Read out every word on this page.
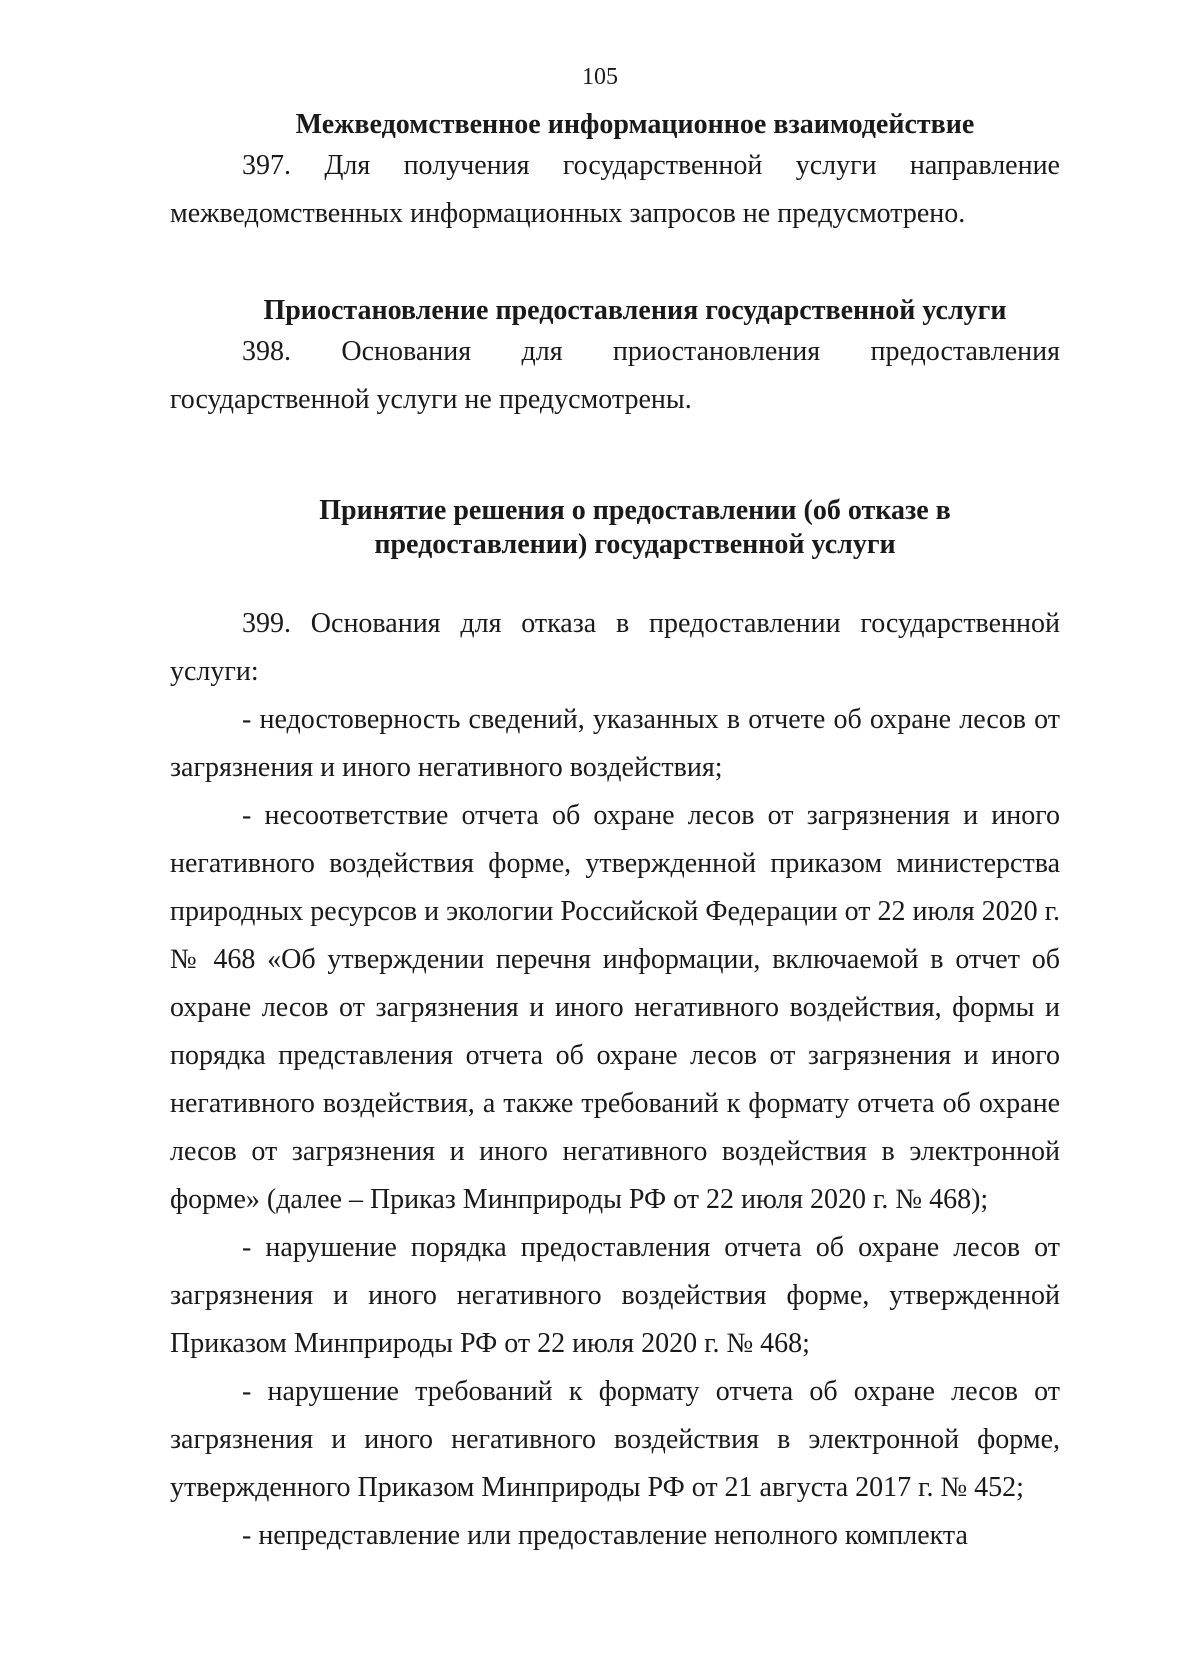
105
Межведомственное информационное взаимодействие

397. Для получения государственной услуги направление межведомственных информационных запросов не предусмотрено.

Приостановление предоставления государственной услуги

398. Основания для приостановления предоставления государственной услуги не предусмотрены.

Принятие решения о предоставлении (об отказе в
предоставлении) государственной услуги

399. Основания для отказа в предоставлении государственной услуги:

- недостоверность сведений, указанных в отчете об охране лесов от загрязнения и иного негативного воздействия;

- несоответствие отчета об охране лесов от загрязнения и иного негативного воздействия форме, утвержденной приказом министерства природных ресурсов и экологии Российской Федерации от 22 июля 2020 г. № 468 «Об утверждении перечня информации, включаемой в отчет об охране лесов от загрязнения и иного негативного воздействия, формы и порядка представления отчета об охране лесов от загрязнения и иного негативного воздействия, а также требований к формату отчета об охране лесов от загрязнения и иного негативного воздействия в электронной форме» (далее – Приказ Минприроды РФ от 22 июля 2020 г. № 468);

- нарушение порядка предоставления отчета об охране лесов от загрязнения и иного негативного воздействия форме, утвержденной Приказом Минприроды РФ от 22 июля 2020 г. № 468;

- нарушение требований к формату отчета об охране лесов от загрязнения и иного негативного воздействия в электронной форме, утвержденного Приказом Минприроды РФ от 21 августа 2017 г. № 452;

- непредставление или предоставление неполного комплекта
